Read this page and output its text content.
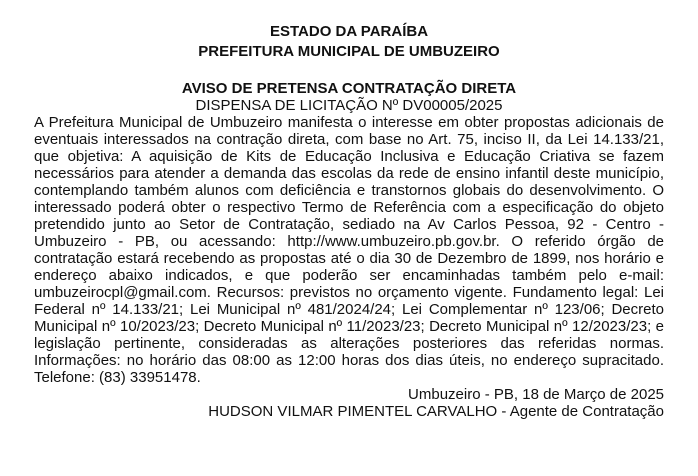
ESTADO DA PARAÍBA
PREFEITURA MUNICIPAL DE UMBUZEIRO
AVISO DE PRETENSA CONTRATAÇÃO DIRETA
DISPENSA DE LICITAÇÃO Nº DV00005/2025

A Prefeitura Municipal de Umbuzeiro manifesta o interesse em obter propostas adicionais de eventuais interessados na contração direta, com base no Art. 75, inciso II, da Lei 14.133/21, que objetiva: A aquisição de Kits de Educação Inclusiva e Educação Criativa se fazem necessários para atender a demanda das escolas da rede de ensino infantil deste município, contemplando também alunos com deficiência e transtornos globais do desenvolvimento. O interessado poderá obter o respectivo Termo de Referência com a especificação do objeto pretendido junto ao Setor de Contratação, sediado na Av Carlos Pessoa, 92 - Centro - Umbuzeiro - PB, ou acessando: http://www.umbuzeiro.pb.gov.br. O referido órgão de contratação estará recebendo as propostas até o dia 30 de Dezembro de 1899, nos horário e endereço abaixo indicados, e que poderão ser encaminhadas também pelo e-mail: umbuzeirocpl@gmail.com. Recursos: previstos no orçamento vigente. Fundamento legal: Lei Federal nº 14.133/21; Lei Municipal nº 481/2024/24; Lei Complementar nº 123/06; Decreto Municipal nº 10/2023/23; Decreto Municipal nº 11/2023/23; Decreto Municipal nº 12/2023/23; e legislação pertinente, consideradas as alterações posteriores das referidas normas. Informações: no horário das 08:00 as 12:00 horas dos dias úteis, no endereço supracitado. Telefone: (83) 33951478.

Umbuzeiro - PB, 18 de Março de 2025
HUDSON VILMAR PIMENTEL CARVALHO - Agente de Contratação
